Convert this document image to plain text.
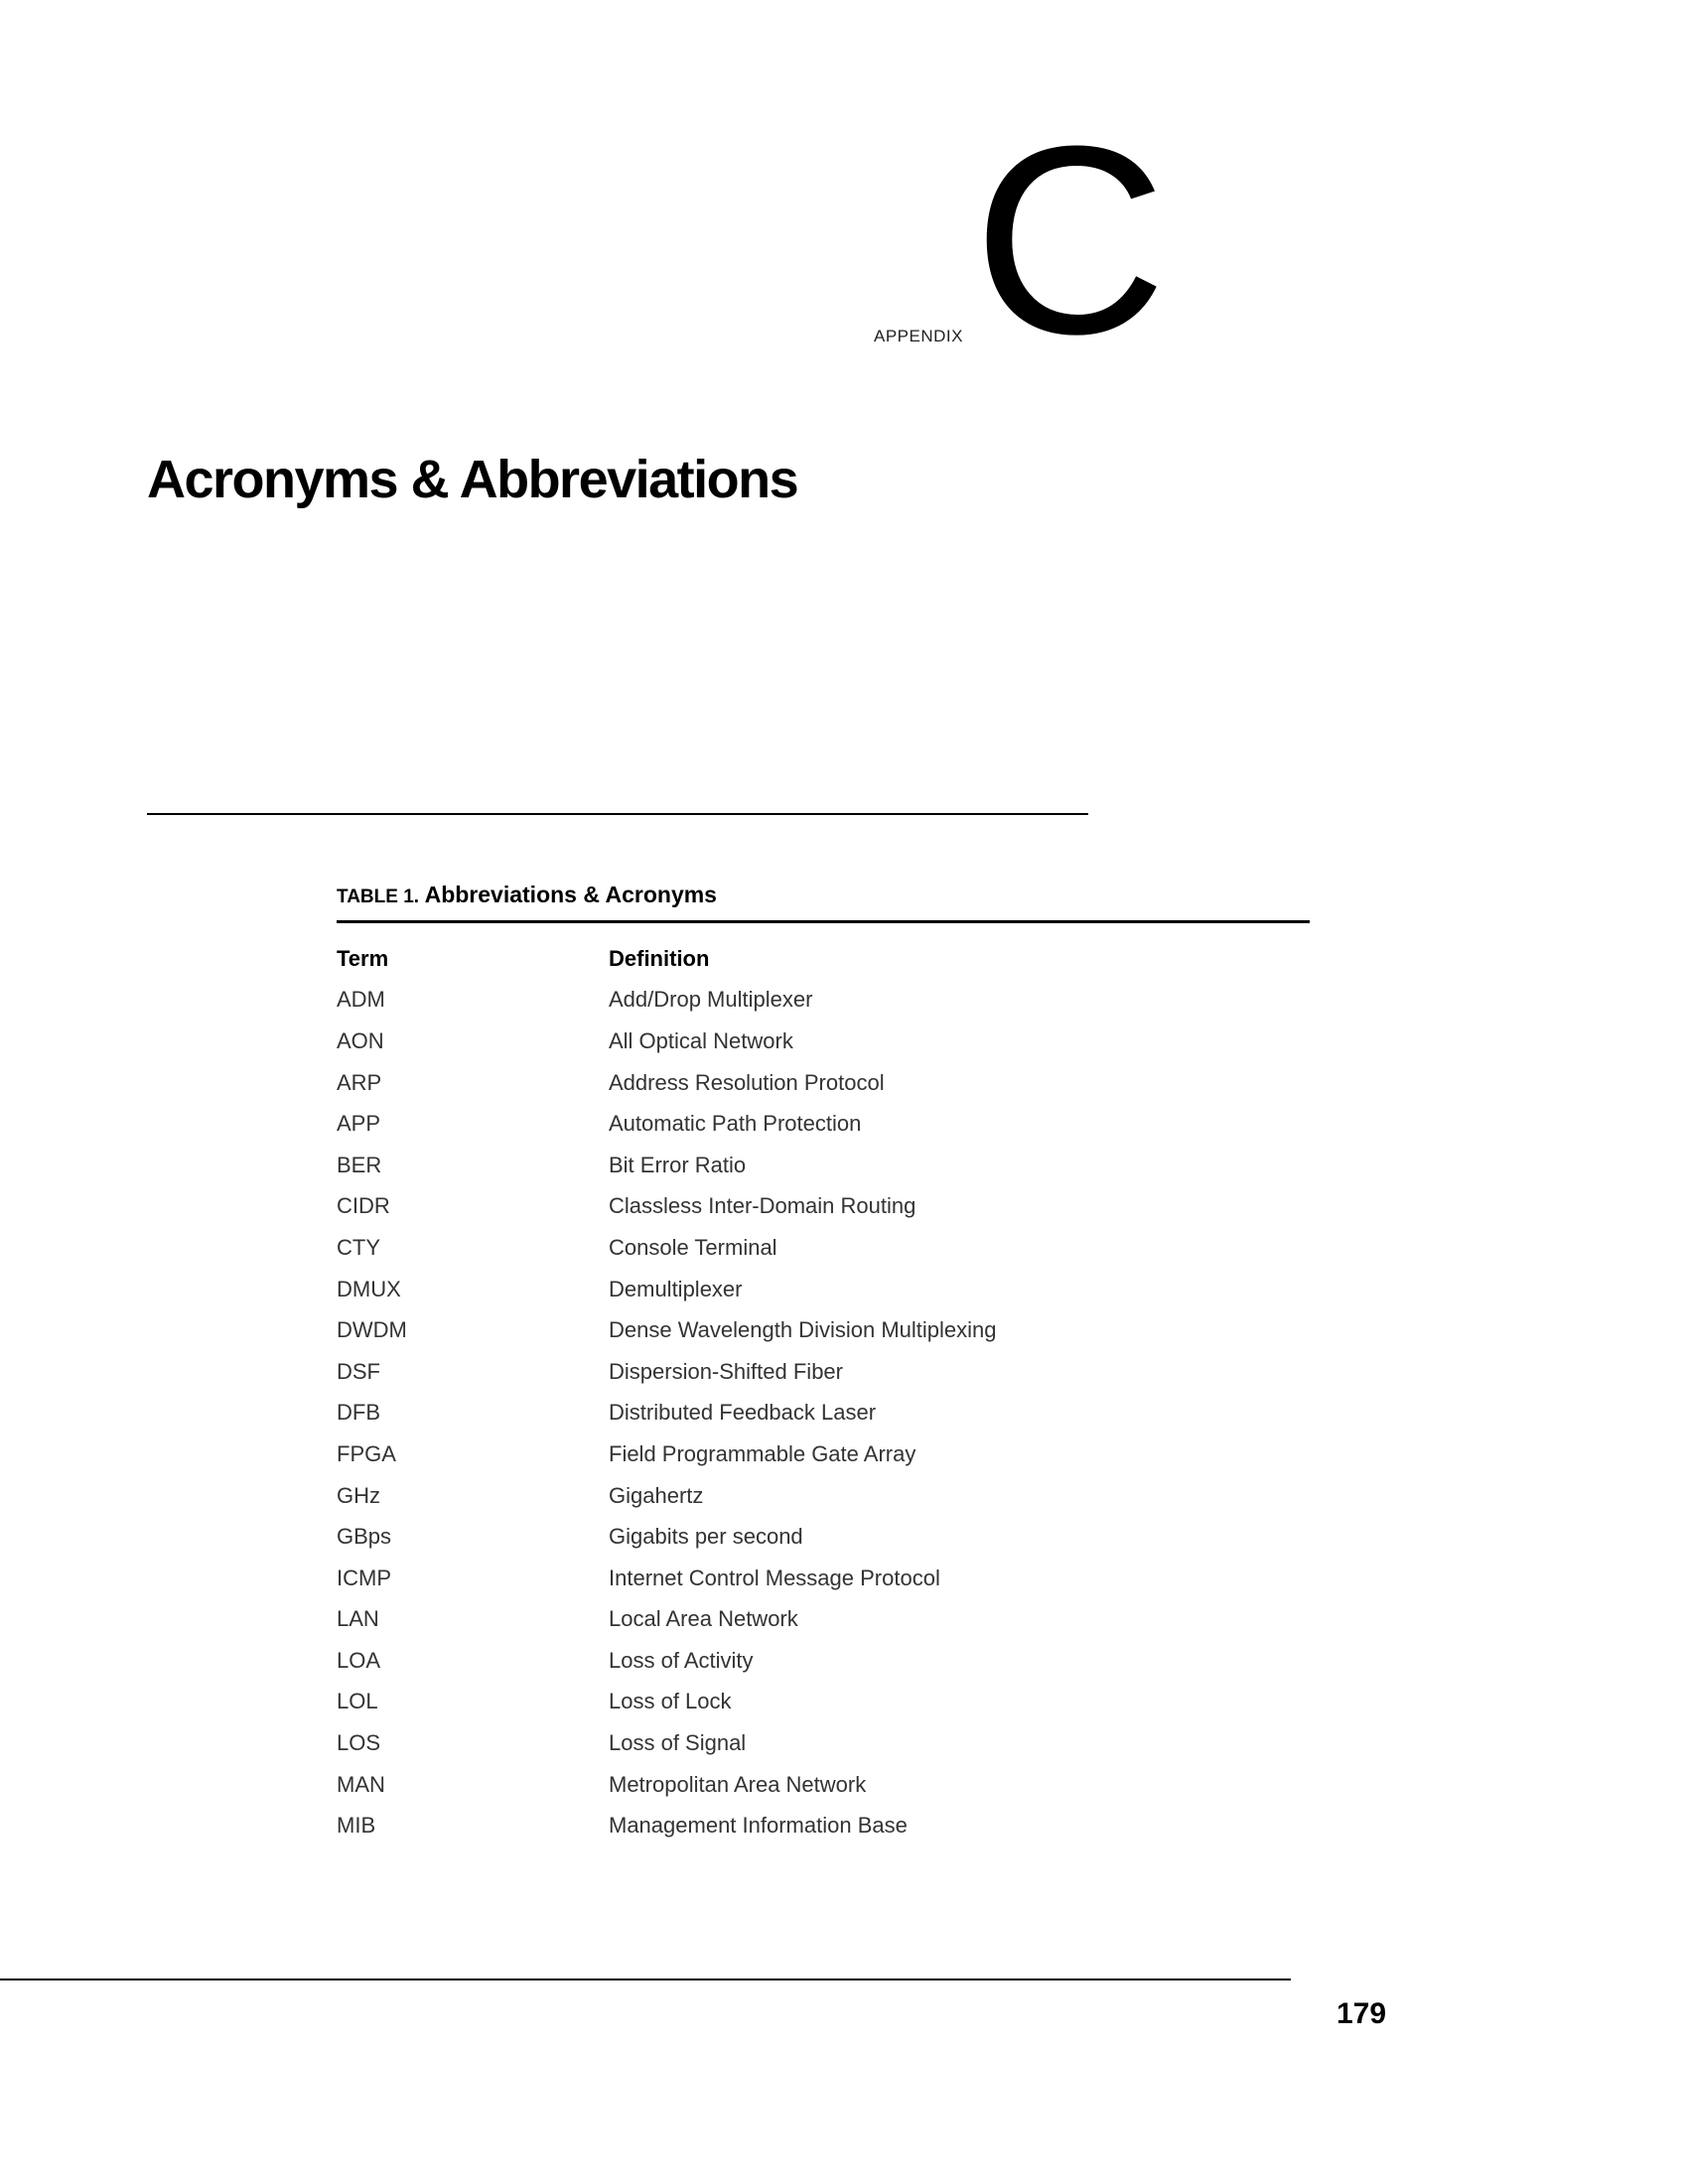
APPENDIX C
Acronyms & Abbreviations
TABLE 1. Abbreviations & Acronyms
Term	Definition
ADM	Add/Drop Multiplexer
AON	All Optical Network
ARP	Address Resolution Protocol
APP	Automatic Path Protection
BER	Bit Error Ratio
CIDR	Classless Inter-Domain Routing
CTY	Console Terminal
DMUX	Demultiplexer
DWDM	Dense Wavelength Division Multiplexing
DSF	Dispersion-Shifted Fiber
DFB	Distributed Feedback Laser
FPGA	Field Programmable Gate Array
GHz	Gigahertz
GBps	Gigabits per second
ICMP	Internet Control Message Protocol
LAN	Local Area Network
LOA	Loss of Activity
LOL	Loss of Lock
LOS	Loss of Signal
MAN	Metropolitan Area Network
MIB	Management Information Base
179
